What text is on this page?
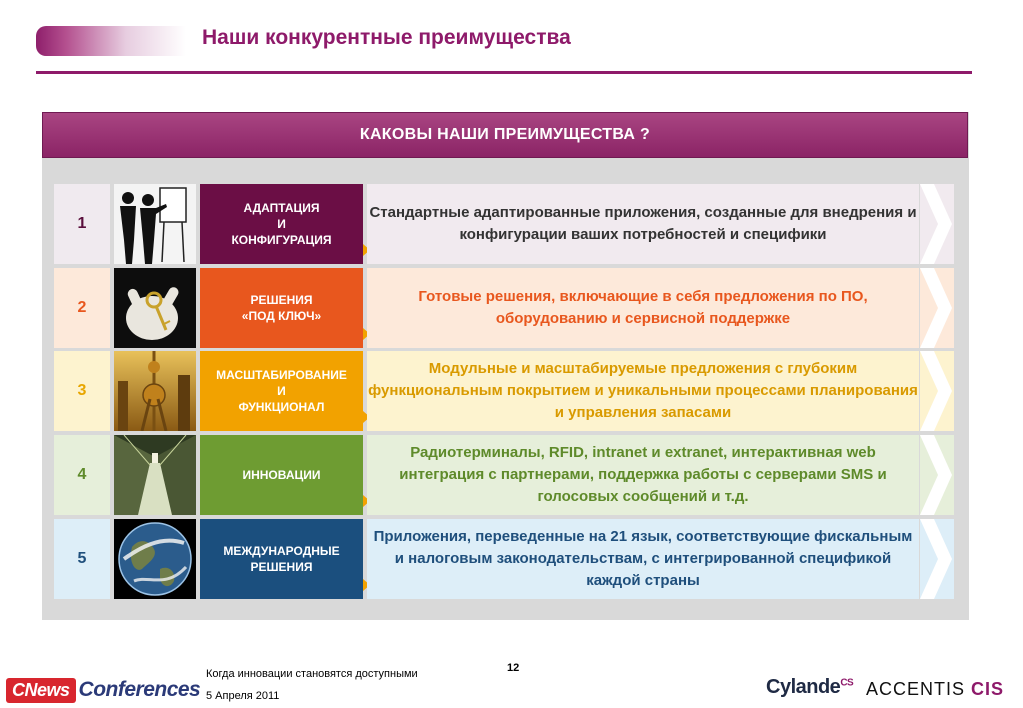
Наши конкурентные преимущества
КАКОВЫ НАШИ ПРЕИМУЩЕСТВА ?
1
АДАПТАЦИЯ
И
КОНФИГУРАЦИЯ
Стандартные адаптированные приложения, созданные для внедрения и конфигурации ваших потребностей и специфики
2	РЕШЕНИЯ
«ПОД КЛЮЧ»
Готовые решения, включающие в себя предложения по ПО, оборудованию и сервисной поддержке
3
МАСШТАБИРОВАНИЕ
И
ФУНКЦИОНАЛ
Модульные и масштабируемые предложения с глубоким функциональным покрытием и уникальными процессами планирования и управления запасами
4	ИННОВАЦИИ
Радиотерминалы, RFID, intranet и extranet, интерактивная web интеграция с партнерами, поддержка работы с серверами SMS и голосовых сообщений и т.д.
5	МЕЖДУНАРОДНЫЕ
РЕШЕНИЯ
Приложения, переведенные на 21 язык, соответствующие фискальным и налоговым законодательствам, с интегрированной спецификой каждой страны
CNews Conferences
Когда инновации становятся доступными
5 Апреля 2011
12
Cylande$^{CS}$ ACCENTIS CIS
